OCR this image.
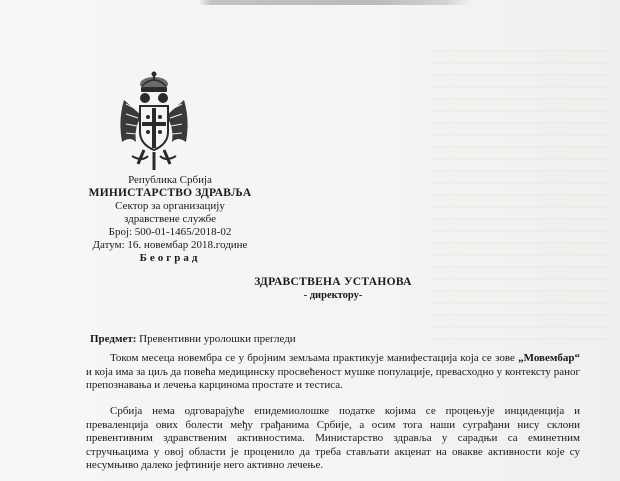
Република Србија
МИНИСТАРСТВО ЗДРАВЉА
Сектор за организацију
здравствене службе
Број: 500-01-1465/2018-02
Датум: 16. новембар 2018.године
Београд
ЗДРАВСТВЕНА УСТАНОВА
- директору-
Предмет: Превентивни урoлошки прегледи

Током месеца новембра се у бројним земљама практикује манифестација која се зове „Мовембар“ и која има за циљ да повећа медицинску просвећеност мушке популације, превасходно у контексту раног препознавања и лечења карцинома простате и тестиса.

Србија нема одговарајуће епидемиолошке податке којима се процењује инциденција и преваленција ових болести међу грађанима Србије, а осим тога наши суграђани нису склони превентивним здравственим активностима. Министарство здравља у сарадњи са еминетним стручњацима у овој области је проценило да треба стављати акценат на овакве активности које су несумњиво далеко јефтиније него активно лечење.
